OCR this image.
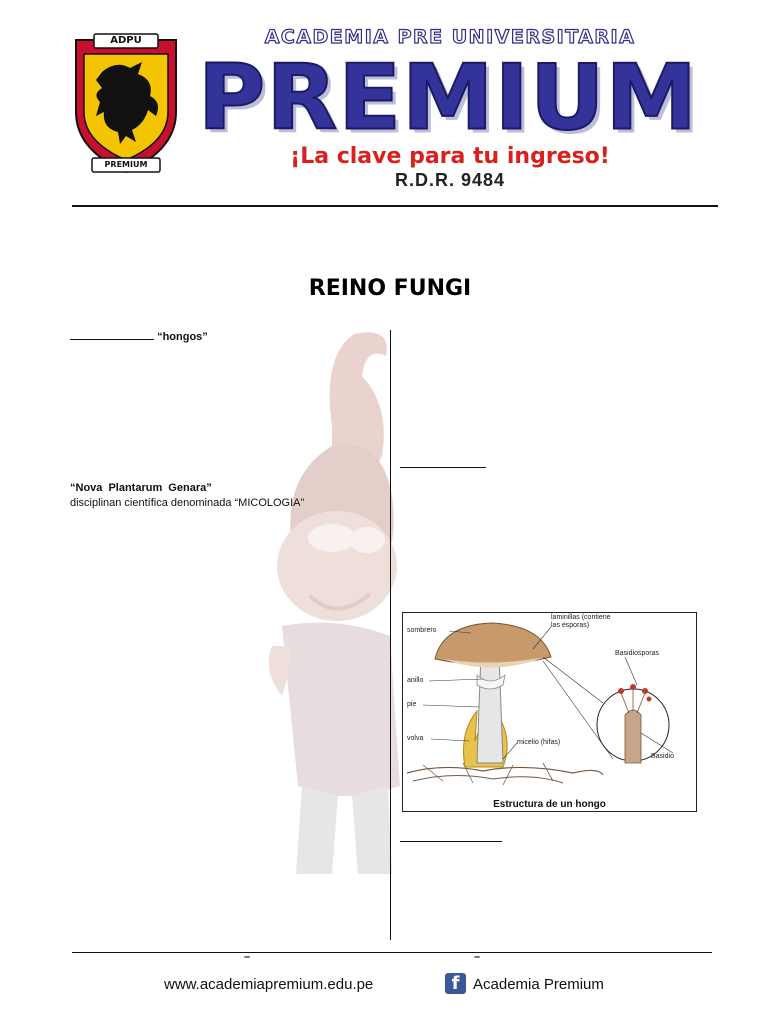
ADPU
PREMIUM
ACADEMIA PRE UNIVERSITARIA
PREMIUM
¡La clave para tu ingreso!
R.D.R. 9484
REINO FUNGI
“hongos”
“Nova Plantarum Genara”
disciplinan científica denominada “MICOLOGIA”
sombrero
laminillas (contiene las esporas)
Basidiosporas
anillo
pie
volva
micelio (hifas)
Basidio
Estructura de un hongo
–	–
www.academiapremium.edu.pe	f Academia Premium
